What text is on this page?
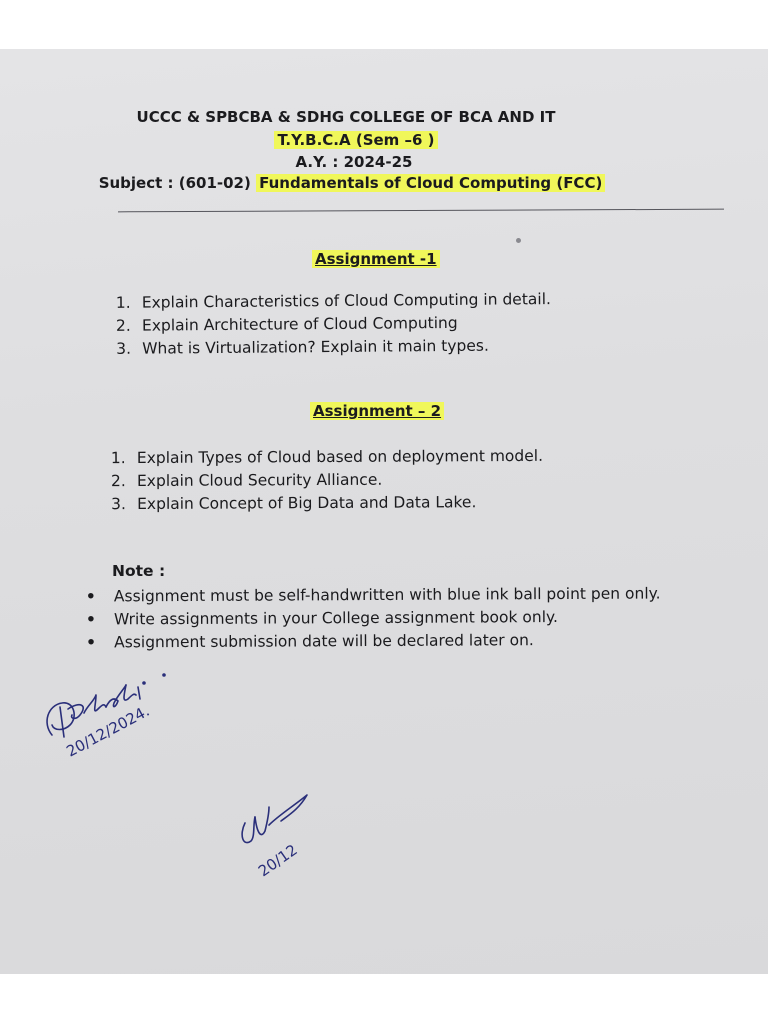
UCCC & SPBCBA & SDHG COLLEGE OF BCA AND IT
T.Y.B.C.A (Sem –6 )
A.Y. : 2024-25
Subject : (601-02) Fundamentals of Cloud Computing (FCC)
Assignment -1
1. Explain Characteristics of Cloud Computing in detail.
2. Explain Architecture of Cloud Computing
3. What is Virtualization? Explain it main types.
Assignment – 2
1. Explain Types of Cloud based on deployment model.
2. Explain Cloud Security Alliance.
3. Explain Concept of Big Data and Data Lake.
Note :
• Assignment must be self-handwritten with blue ink ball point pen only.
• Write assignments in your College assignment book only.
• Assignment submission date will be declared later on.
20/12/2024.
20/12
